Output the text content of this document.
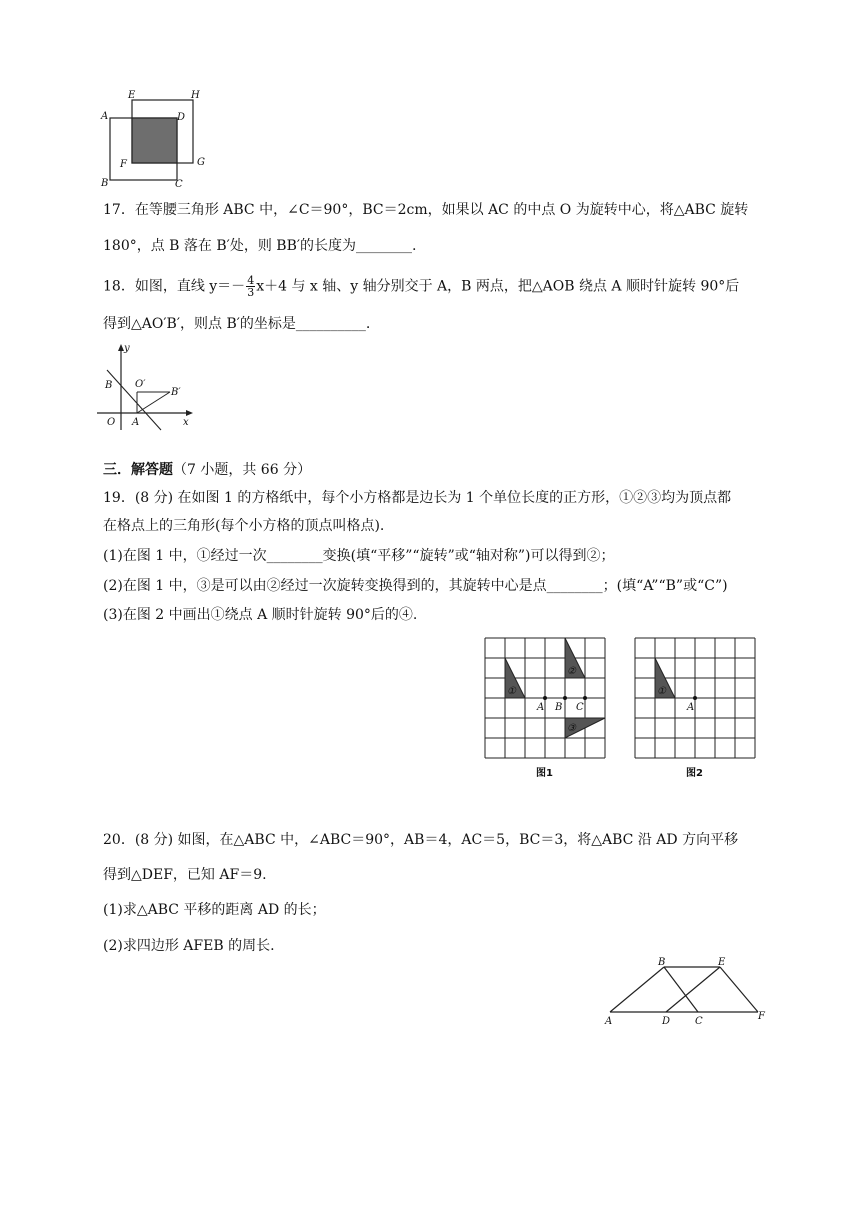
E	H
A	D
F	G
B	C
17．在等腰三角形 ABC 中，∠C＝90°，BC＝2cm，如果以 AC 的中点 O 为旋转中心，将△ABC 旋转
180°，点 B 落在 B′处，则 BB′的长度为________.
18．如图，直线 $y=- \frac{4}{3} x+4$ 与 x 轴、y 轴分别交于 A，B 两点，把△AOB 绕点 A 顺时针旋转 90°后
得到△AO′B′，则点 B′的坐标是__________.
y
x
O A
B O′
B′
三．解答题（7 小题，共 66 分）
19．(8 分) 在如图 1 的方格纸中，每个小方格都是边长为 1 个单位长度的正方形，①②③均为顶点都
在格点上的三角形(每个小方格的顶点叫格点).
(1)在图 1 中，①经过一次________变换(填“平移”“旋转”或“轴对称”)可以得到②；
(2)在图 1 中，③是可以由②经过一次旋转变换得到的，其旋转中心是点________；(填“A”“B”或“C”)
(3)在图 2 中画出①绕点 A 顺时针旋转 90°后的④.
①
②
③
A B C
图1
①
A
图2
20．(8 分) 如图，在△ABC 中，∠ABC＝90°，AB＝4，AC＝5，BC＝3，将△ABC 沿 AD 方向平移
得到△DEF，已知 AF＝9.
(1)求△ABC 平移的距离 AD 的长；
(2)求四边形 AFEB 的周长.
B	E
A	D C	F
